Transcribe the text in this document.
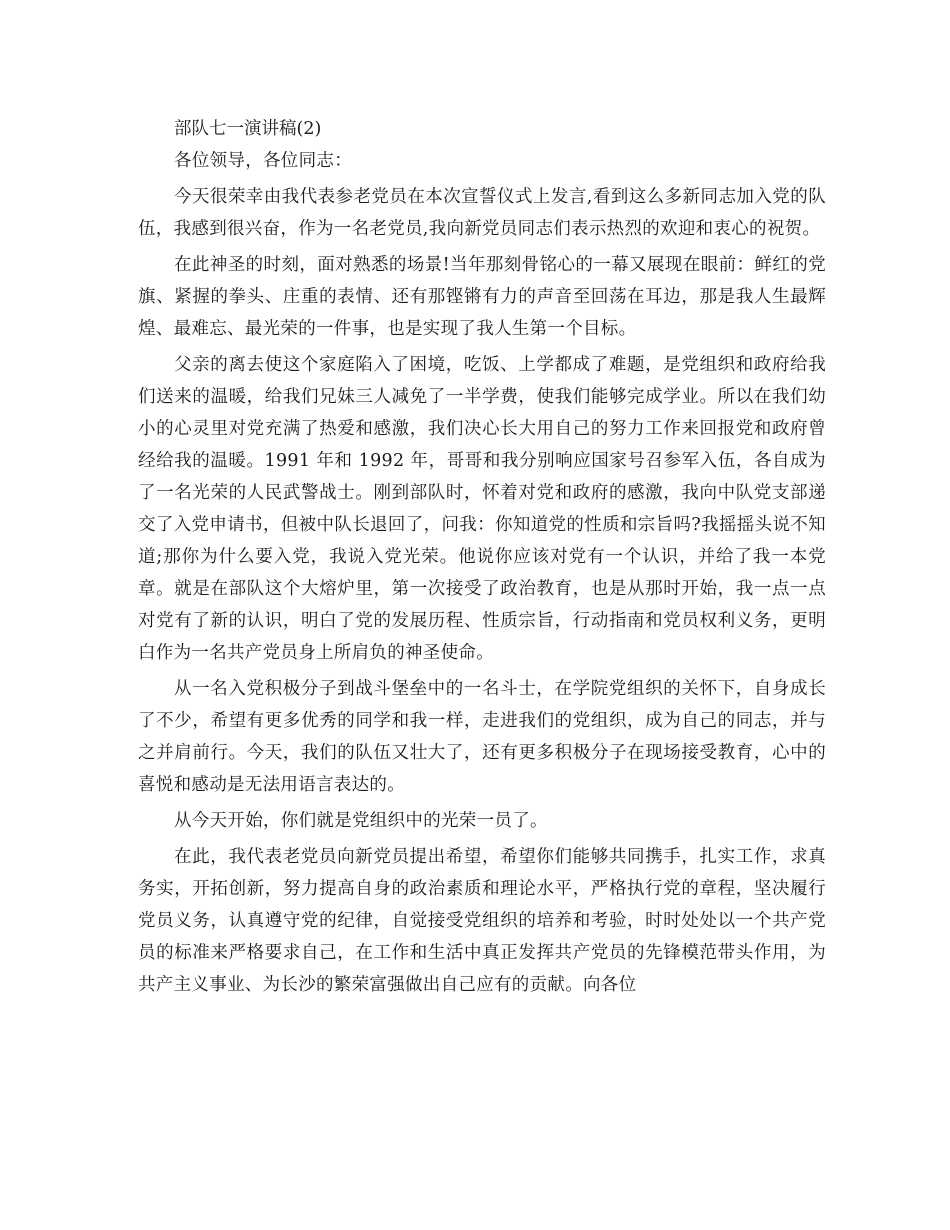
部队七一演讲稿(2)

各位领导，各位同志：

今天很荣幸由我代表参老党员在本次宣誓仪式上发言,看到这么多新同志加入党的队伍，我感到很兴奋，作为一名老党员,我向新党员同志们表示热烈的欢迎和衷心的祝贺。

在此神圣的时刻，面对熟悉的场景!当年那刻骨铭心的一幕又展现在眼前：鲜红的党旗、紧握的拳头、庄重的表情、还有那铿锵有力的声音至回荡在耳边，那是我人生最辉煌、最难忘、最光荣的一件事，也是实现了我人生第一个目标。

父亲的离去使这个家庭陷入了困境，吃饭、上学都成了难题，是党组织和政府给我们送来的温暖，给我们兄妹三人减免了一半学费，使我们能够完成学业。所以在我们幼小的心灵里对党充满了热爱和感激，我们决心长大用自己的努力工作来回报党和政府曾经给我的温暖。1991 年和 1992 年，哥哥和我分别响应国家号召参军入伍，各自成为了一名光荣的人民武警战士。刚到部队时，怀着对党和政府的感激，我向中队党支部递交了入党申请书，但被中队长退回了，问我：你知道党的性质和宗旨吗?我摇摇头说不知道;那你为什么要入党，我说入党光荣。他说你应该对党有一个认识，并给了我一本党章。就是在部队这个大熔炉里，第一次接受了政治教育，也是从那时开始，我一点一点对党有了新的认识，明白了党的发展历程、性质宗旨，行动指南和党员权利义务，更明白作为一名共产党员身上所肩负的神圣使命。

从一名入党积极分子到战斗堡垒中的一名斗士，在学院党组织的关怀下，自身成长了不少，希望有更多优秀的同学和我一样，走进我们的党组织，成为自己的同志，并与之并肩前行。今天，我们的队伍又壮大了，还有更多积极分子在现场接受教育，心中的喜悦和感动是无法用语言表达的。

从今天开始，你们就是党组织中的光荣一员了。

在此，我代表老党员向新党员提出希望，希望你们能够共同携手，扎实工作，求真务实，开拓创新，努力提高自身的政治素质和理论水平，严格执行党的章程，坚决履行党员义务，认真遵守党的纪律，自觉接受党组织的培养和考验，时时处处以一个共产党员的标准来严格要求自己，在工作和生活中真正发挥共产党员的先锋模范带头作用，为共产主义事业、为长沙的繁荣富强做出自己应有的贡献。向各位
